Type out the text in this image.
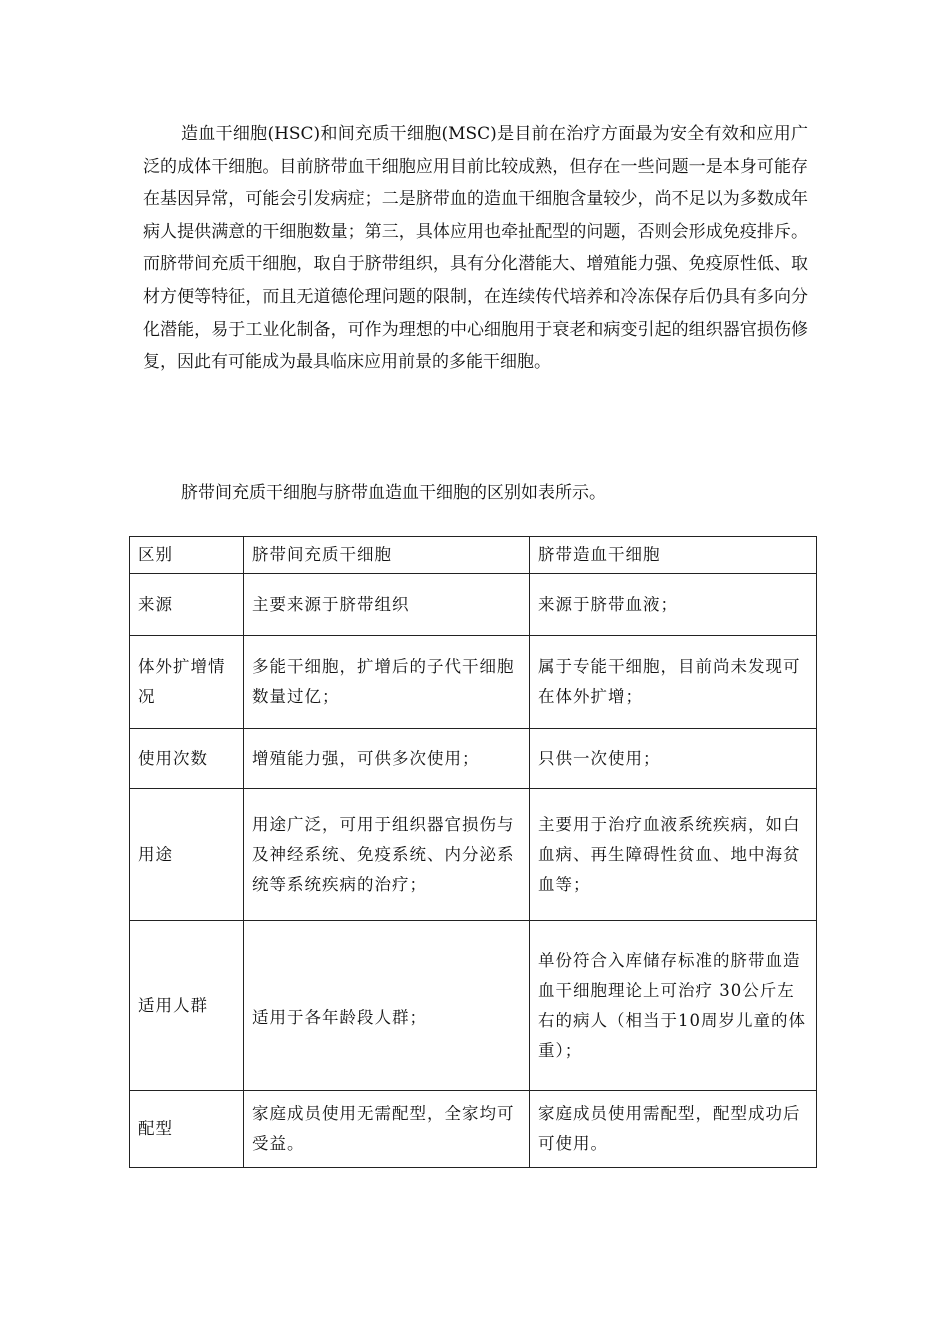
造血干细胞(HSC)和间充质干细胞(MSC)是目前在治疗方面最为安全有效和应用广泛的成体干细胞。目前脐带血干细胞应用目前比较成熟，但存在一些问题一是本身可能存在基因异常，可能会引发病症；二是脐带血的造血干细胞含量较少，尚不足以为多数成年病人提供满意的干细胞数量；第三，具体应用也牵扯配型的问题，否则会形成免疫排斥。而脐带间充质干细胞，取自于脐带组织，具有分化潜能大、增殖能力强、免疫原性低、取材方便等特征，而且无道德伦理问题的限制，在连续传代培养和冷冻保存后仍具有多向分化潜能，易于工业化制备，可作为理想的中心细胞用于衰老和病变引起的组织器官损伤修复，因此有可能成为最具临床应用前景的多能干细胞。

脐带间充质干细胞与脐带血造血干细胞的区别如表所示。

区别	脐带间充质干细胞	脐带造血干细胞
来源	主要来源于脐带组织	来源于脐带血液；
体外扩增情况	多能干细胞，扩增后的子代干细胞数量过亿；	属于专能干细胞，目前尚未发现可在体外扩增；
使用次数	增殖能力强，可供多次使用；	只供一次使用；
用途	用途广泛，可用于组织器官损伤与及神经系统、免疫系统、内分泌系统等系统疾病的治疗；	主要用于治疗血液系统疾病，如白血病、再生障碍性贫血、地中海贫血等；
适用人群	适用于各年龄段人群；	单份符合入库储存标准的脐带血造血干细胞理论上可治疗 30公斤左右的病人（相当于10周岁儿童的体重）；
配型	家庭成员使用无需配型，全家均可受益。	家庭成员使用需配型，配型成功后可使用。
